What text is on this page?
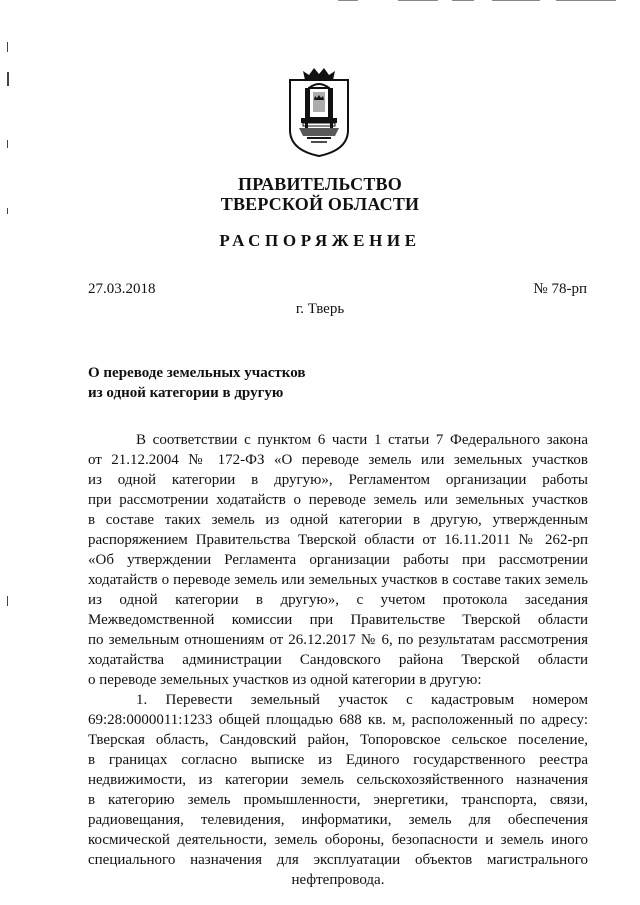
ПРАВИТЕЛЬСТВО
ТВЕРСКОЙ ОБЛАСТИ
РАСПОРЯЖЕНИЕ
27.03.2018	№ 78-рп
г. Тверь
О переводе земельных участков
из одной категории в другую
В соответствии с пунктом 6 части 1 статьи 7 Федерального закона
от 21.12.2004 № 172-ФЗ «О переводе земель или земельных участков
из одной категории в другую», Регламентом организации работы
при рассмотрении ходатайств о переводе земель или земельных участков
в составе таких земель из одной категории в другую, утвержденным
распоряжением Правительства Тверской области от 16.11.2011 № 262-рп
«Об утверждении Регламента организации работы при рассмотрении
ходатайств о переводе земель или земельных участков в составе таких земель
из одной категории в другую», с учетом протокола заседания
Межведомственной комиссии при Правительстве Тверской области
по земельным отношениям от 26.12.2017 № 6, по результатам рассмотрения
ходатайства администрации Сандовского района Тверской области
о переводе земельных участков из одной категории в другую:
1. Перевести земельный участок с кадастровым номером
69:28:0000011:1233 общей площадью 688 кв. м, расположенный по адресу:
Тверская область, Сандовский район, Топоровское сельское поселение,
в границах согласно выписке из Единого государственного реестра
недвижимости, из категории земель сельскохозяйственного назначения
в категорию земель промышленности, энергетики, транспорта, связи,
радиовещания, телевидения, информатики, земель для обеспечения
космической деятельности, земель обороны, безопасности и земель иного
специального назначения для эксплуатации объектов магистрального
нефтепровода.
